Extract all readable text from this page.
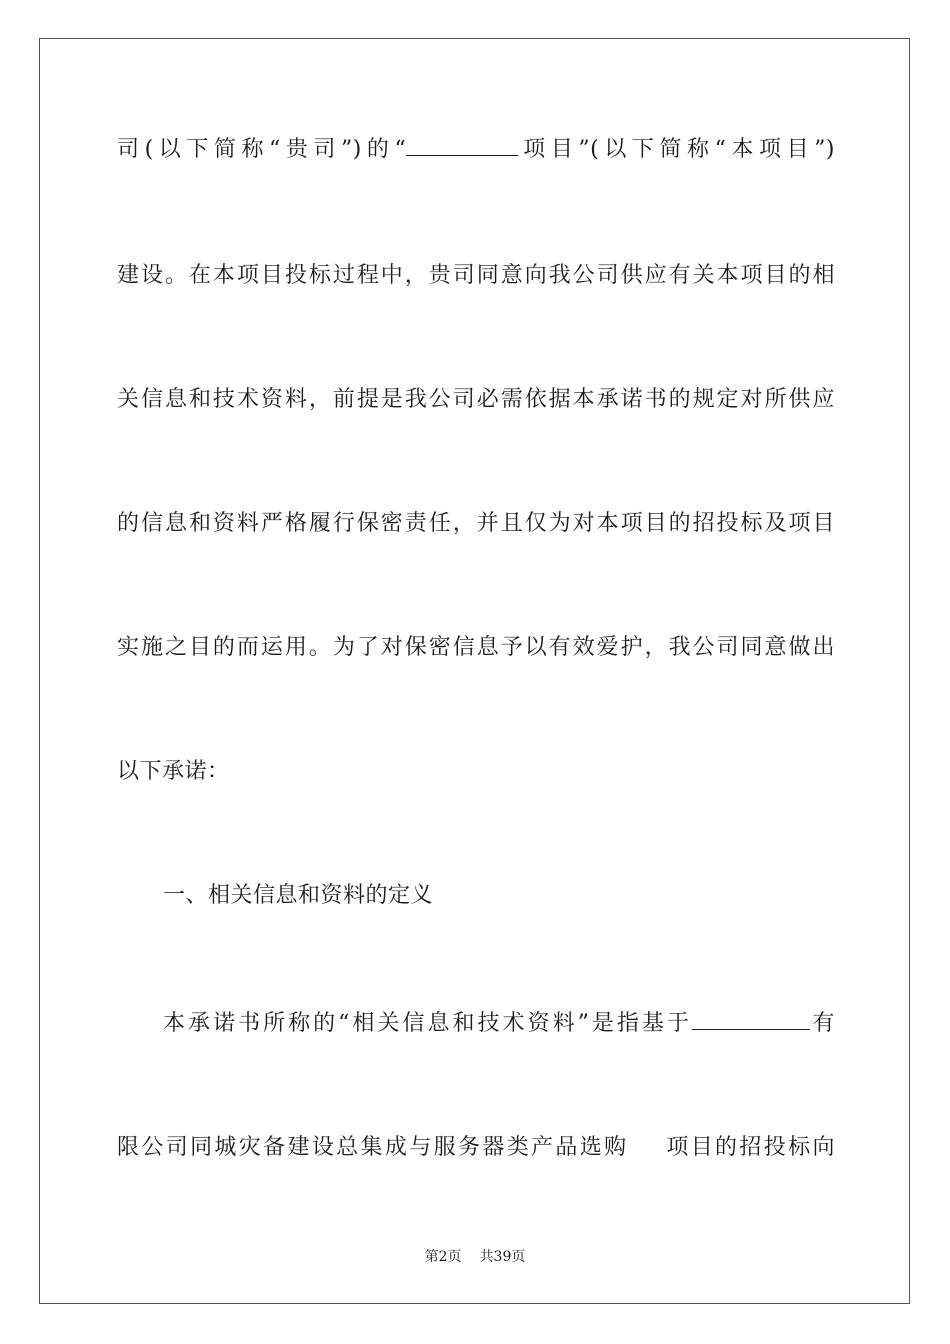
司(以下简称“贵司”)的“	项目”(以下简称“本项目”)
建设。在本项目投标过程中，贵司同意向我公司供应有关本项目的相
关信息和技术资料，前提是我公司必需依据本承诺书的规定对所供应
的信息和资料严格履行保密责任，并且仅为对本项目的招投标及项目
实施之目的而运用。为了对保密信息予以有效爱护，我公司同意做出
以下承诺：
一、相关信息和资料的定义
本承诺书所称的“相关信息和技术资料”是指基于	有
限公司同城灾备建设总集成与服务器类产品选购 项目的招投标向
第2页 共39页
